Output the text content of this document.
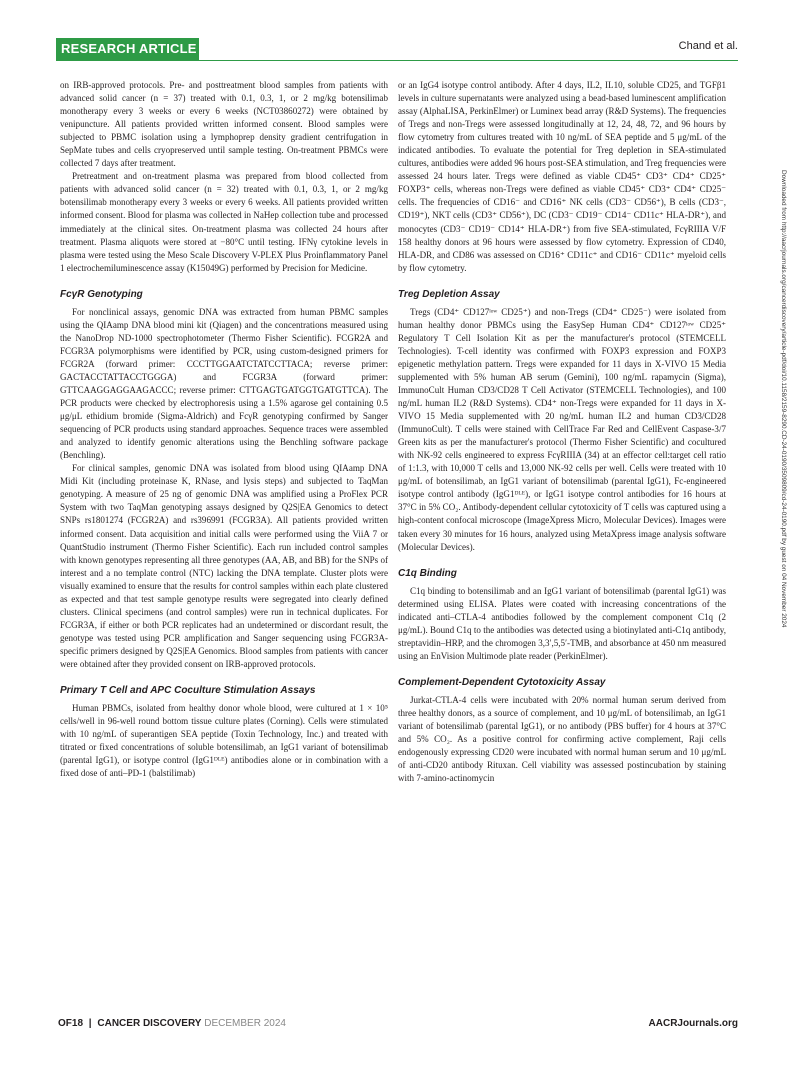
RESEARCH ARTICLE	Chand et al.

on IRB-approved protocols. Pre- and posttreatment blood samples from patients with advanced solid cancer (n = 37) treated with 0.1, 0.3, 1, or 2 mg/kg botensilimab monotherapy every 3 weeks or every 6 weeks (NCT03860272) were obtained by venipuncture. All patients provided written informed consent. Blood samples were subjected to PBMC isolation using a lymphoprep density gradient centrifugation in SepMate tubes and cells cryopreserved until sample testing. On-treatment PBMCs were collected 7 days after treatment.

Pretreatment and on-treatment plasma was prepared from blood collected from patients with advanced solid cancer (n = 32) treated with 0.1, 0.3, 1, or 2 mg/kg botensilimab monotherapy every 3 weeks or every 6 weeks. All patients provided written informed consent. Blood for plasma was collected in NaHep collection tube and processed immediately at the clinical sites. On-treatment plasma was collected 24 hours after treatment. Plasma aliquots were stored at −80°C until testing. IFNγ cytokine levels in plasma were tested using the Meso Scale Discovery V-PLEX Plus Proinflammatory Panel 1 electrochemiluminescence assay (K15049G) performed by Precision for Medicine.

FcγR Genotyping

For nonclinical assays, genomic DNA was extracted from human PBMC samples using the QIAamp DNA blood mini kit (Qiagen) and the concentrations measured using the NanoDrop ND-1000 spectrophotometer (Thermo Fisher Scientific). FCGR2A and FCGR3A polymorphisms were identified by PCR, using custom-designed primers for FCGR2A (forward primer: CCCTTGGAATCTATCCTTACA; reverse primer: GACTACCTATTACCTGGGA) and FCGR3A (forward primer: GTTCAAGGAGGAAGACCC; reverse primer: CTTGAGTGATGGTGATGTTCA). The PCR products were checked by electrophoresis using a 1.5% agarose gel containing 0.5 μg/μL ethidium bromide (Sigma-Aldrich) and FcγR genotyping confirmed by Sanger sequencing of PCR products using standard approaches. Sequence traces were assembled and analyzed to identify genomic alterations using the Benchling software package (Benchling).

For clinical samples, genomic DNA was isolated from blood using QIAamp DNA Midi Kit (including proteinase K, RNase, and lysis steps) and subjected to TaqMan genotyping. A measure of 25 ng of genomic DNA was amplified using a ProFlex PCR System with two TaqMan genotyping assays designed by Q2S|EA Genomics to detect SNPs rs1801274 (FCGR2A) and rs396991 (FCGR3A). All patients provided written informed consent. Data acquisition and initial calls were performed using the ViiA 7 or QuantStudio instrument (Thermo Fisher Scientific). Each run included control samples with known genotypes representing all three genotypes (AA, AB, and BB) for the SNPs of interest and a no template control (NTC) lacking the DNA template. Cluster plots were visually examined to ensure that the results for control samples within each plate clustered as expected and that test sample genotype results were segregated into clearly defined clusters. Clinical specimens (and control samples) were run in technical duplicates. For FCGR3A, if either or both PCR replicates had an undetermined or discordant result, the genotype was tested using PCR amplification and Sanger sequencing using FCGR3A-specific primers designed by Q2S|EA Genomics. Blood samples from patients with cancer were obtained after they provided consent on IRB-approved protocols.

Primary T Cell and APC Coculture Stimulation Assays

Human PBMCs, isolated from healthy donor whole blood, were cultured at 1 × 10⁵ cells/well in 96-well round bottom tissue culture plates (Corning). Cells were stimulated with 10 ng/mL of superantigen SEA peptide (Toxin Technology, Inc.) and treated with titrated or fixed concentrations of soluble botensilimab, an IgG1 variant of botensilimab (parental IgG1), or isotype control (IgG1ᴰᴸᴱ) antibodies alone or in combination with a fixed dose of anti–PD-1 (balstilimab)

or an IgG4 isotype control antibody. After 4 days, IL2, IL10, soluble CD25, and TGFβ1 levels in culture supernatants were analyzed using a bead-based luminescent amplification assay (AlphaLISA, PerkinElmer) or Luminex bead array (R&D Systems). The frequencies of Tregs and non-Tregs were assessed longitudinally at 12, 24, 48, 72, and 96 hours by flow cytometry from cultures treated with 10 ng/mL of SEA peptide and 5 μg/mL of the indicated antibodies. To evaluate the potential for Treg depletion in SEA-stimulated cultures, antibodies were added 96 hours post-SEA stimulation, and Treg frequencies were assessed 24 hours later. Tregs were defined as viable CD45⁺ CD3⁺ CD4⁺ CD25⁺ FOXP3⁺ cells, whereas non-Tregs were defined as viable CD45⁺ CD3⁺ CD4⁺ CD25⁻ cells. The frequencies of CD16⁻ and CD16⁺ NK cells (CD3⁻ CD56⁺), B cells (CD3⁻, CD19⁺), NKT cells (CD3⁺ CD56⁺), DC (CD3⁻ CD19⁻ CD14⁻ CD11c⁺ HLA-DR⁺), and monocytes (CD3⁻ CD19⁻ CD14⁺ HLA-DR⁺) from five SEA-stimulated, FcγRIIIA V/F 158 healthy donors at 96 hours were assessed by flow cytometry. Expression of CD40, HLA-DR, and CD86 was assessed on CD16⁺ CD11c⁺ and CD16⁻ CD11c⁺ myeloid cells by flow cytometry.

Treg Depletion Assay

Tregs (CD4⁺ CD127ˡᵒʷ CD25⁺) and non-Tregs (CD4⁺ CD25⁻) were isolated from human healthy donor PBMCs using the EasySep Human CD4⁺ CD127ˡᵒʷ CD25⁺ Regulatory T Cell Isolation Kit as per the manufacturer's protocol (STEMCELL Technologies). T-cell identity was confirmed with FOXP3 expression and FOXP3 epigenetic methylation pattern. Tregs were expanded for 11 days in X-VIVO 15 Media supplemented with 5% human AB serum (Gemini), 100 ng/mL rapamycin (Sigma), ImmunoCult Human CD3/CD28 T Cell Activator (STEMCELL Technologies), and 100 ng/mL human IL2 (R&D Systems). CD4⁺ non-Tregs were expanded for 11 days in X-VIVO 15 Media supplemented with 20 ng/mL human IL2 and human CD3/CD28 (ImmunoCult). T cells were stained with CellTrace Far Red and CellEvent Caspase-3/7 Green kits as per the manufacturer's protocol (Thermo Fisher Scientific) and cocultured with NK-92 cells engineered to express FcγRIIIA (34) at an effector cell:target cell ratio of 1:1.3, with 10,000 T cells and 13,000 NK-92 cells per well. Cells were treated with 10 μg/mL of botensilimab, an IgG1 variant of botensilimab (parental IgG1), Fc-engineered isotype control antibody (IgG1ᴰᴸᴱ), or IgG1 isotype control antibodies for 16 hours at 37°C in 5% CO₂. Antibody-dependent cellular cytotoxicity of T cells was captured using a high-content confocal microscope (ImageXpress Micro, Molecular Devices). Images were taken every 30 minutes for 16 hours, analyzed using MetaXpress image analysis software (Molecular Devices).

C1q Binding

C1q binding to botensilimab and an IgG1 variant of botensilimab (parental IgG1) was determined using ELISA. Plates were coated with increasing concentrations of the indicated anti–CTLA-4 antibodies followed by the complement component C1q (2 μg/mL). Bound C1q to the antibodies was detected using a biotinylated anti-C1q antibody, streptavidin–HRP, and the chromogen 3,3′,5,5′-TMB, and absorbance at 450 nm measured using an EnVision Multimode plate reader (PerkinElmer).

Complement-Dependent Cytotoxicity Assay

Jurkat-CTLA-4 cells were incubated with 20% normal human serum derived from three healthy donors, as a source of complement, and 10 μg/mL of botensilimab, an IgG1 variant of botensilimab (parental IgG1), or no antibody (PBS buffer) for 4 hours at 37°C and 5% CO₂. As a positive control for confirming active complement, Raji cells endogenously expressing CD20 were incubated with normal human serum and 10 μg/mL of anti-CD20 antibody Rituxan. Cell viability was assessed postincubation by staining with 7-amino-actinomycin

Downloaded from http://aacrjournals.org/cancerdiscovery/article-pdf/doi/10.1158/2159-8290.CD-24-0190/3509809/cd-24-0190.pdf by guest on 04 November 2024
OF18 | CANCER DISCOVERY DECEMBER 2024	AACRJournals.org
